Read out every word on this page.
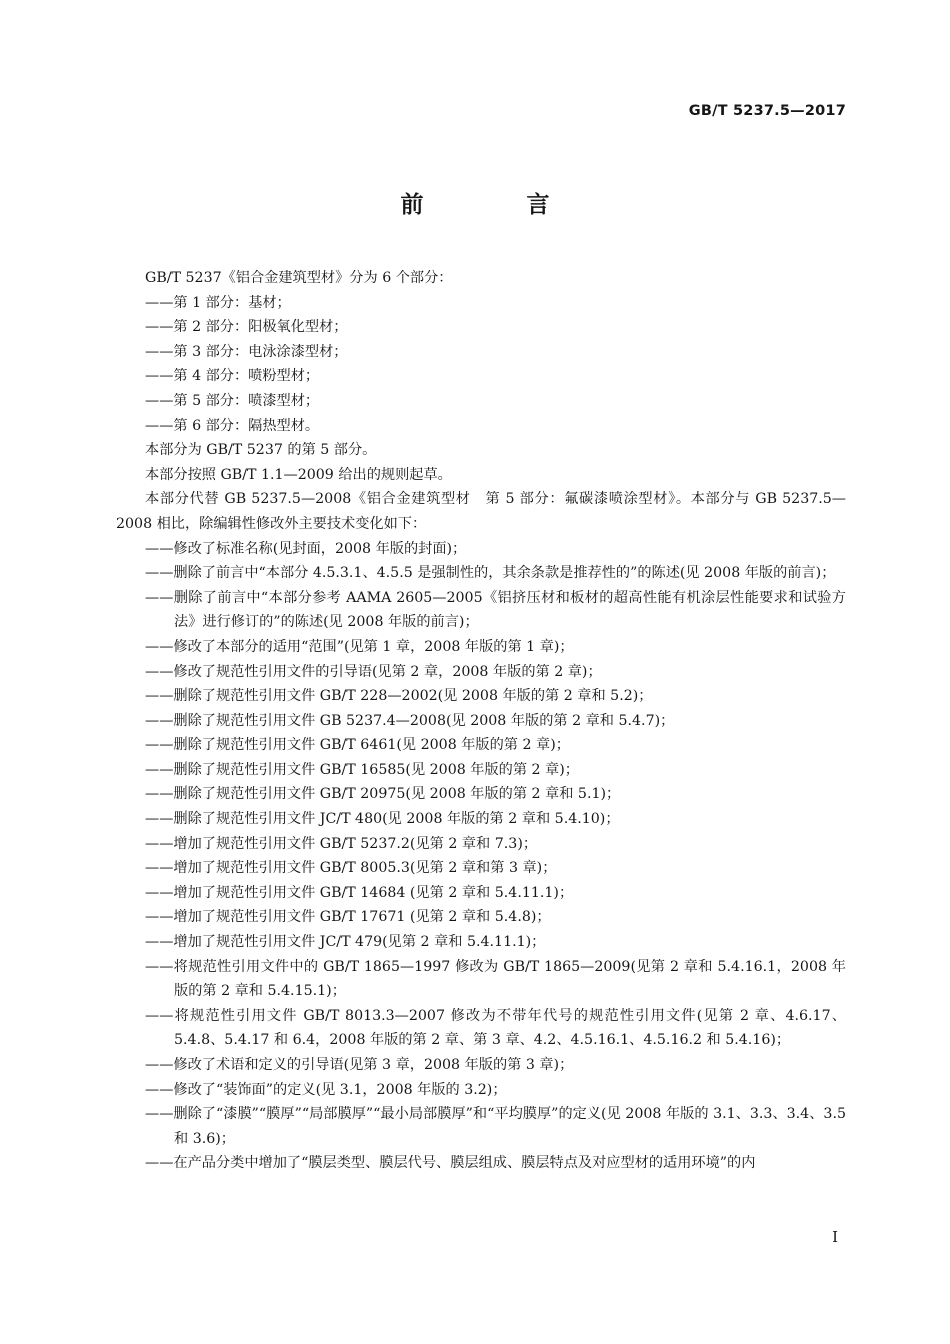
GB/T 5237.5—2017
前　言
GB/T 5237《铝合金建筑型材》分为 6 个部分：
——第 1 部分：基材；
——第 2 部分：阳极氧化型材；
——第 3 部分：电泳涂漆型材；
——第 4 部分：喷粉型材；
——第 5 部分：喷漆型材；
——第 6 部分：隔热型材。
本部分为 GB/T 5237 的第 5 部分。
本部分按照 GB/T 1.1—2009 给出的规则起草。
本部分代替 GB 5237.5—2008《铝合金建筑型材　第 5 部分：氟碳漆喷涂型材》。本部分与 GB 5237.5—2008 相比，除编辑性修改外主要技术变化如下：
——修改了标准名称(见封面，2008 年版的封面)；
——删除了前言中“本部分 4.5.3.1、4.5.5 是强制性的，其余条款是推荐性的”的陈述(见 2008 年版的前言)；
——删除了前言中“本部分参考 AAMA 2605—2005《铝挤压材和板材的超高性能有机涂层性能要求和试验方法》进行修订的”的陈述(见 2008 年版的前言)；
——修改了本部分的适用“范围”(见第 1 章，2008 年版的第 1 章)；
——修改了规范性引用文件的引导语(见第 2 章，2008 年版的第 2 章)；
——删除了规范性引用文件 GB/T 228—2002(见 2008 年版的第 2 章和 5.2)；
——删除了规范性引用文件 GB 5237.4—2008(见 2008 年版的第 2 章和 5.4.7)；
——删除了规范性引用文件 GB/T 6461(见 2008 年版的第 2 章)；
——删除了规范性引用文件 GB/T 16585(见 2008 年版的第 2 章)；
——删除了规范性引用文件 GB/T 20975(见 2008 年版的第 2 章和 5.1)；
——删除了规范性引用文件 JC/T 480(见 2008 年版的第 2 章和 5.4.10)；
——增加了规范性引用文件 GB/T 5237.2(见第 2 章和 7.3)；
——增加了规范性引用文件 GB/T 8005.3(见第 2 章和第 3 章)；
——增加了规范性引用文件 GB/T 14684 (见第 2 章和 5.4.11.1)；
——增加了规范性引用文件 GB/T 17671 (见第 2 章和 5.4.8)；
——增加了规范性引用文件 JC/T 479(见第 2 章和 5.4.11.1)；
——将规范性引用文件中的 GB/T 1865—1997 修改为 GB/T 1865—2009(见第 2 章和 5.4.16.1，2008 年版的第 2 章和 5.4.15.1)；
——将规范性引用文件 GB/T 8013.3—2007 修改为不带年代号的规范性引用文件(见第 2 章、4.6.17、5.4.8、5.4.17 和 6.4，2008 年版的第 2 章、第 3 章、4.2、4.5.16.1、4.5.16.2 和 5.4.16)；
——修改了术语和定义的引导语(见第 3 章，2008 年版的第 3 章)；
——修改了“装饰面”的定义(见 3.1，2008 年版的 3.2)；
——删除了“漆膜”“膜厚”“局部膜厚”“最小局部膜厚”和“平均膜厚”的定义(见 2008 年版的 3.1、3.3、3.4、3.5 和 3.6)；
——在产品分类中增加了“膜层类型、膜层代号、膜层组成、膜层特点及对应型材的适用环境”的内
I
